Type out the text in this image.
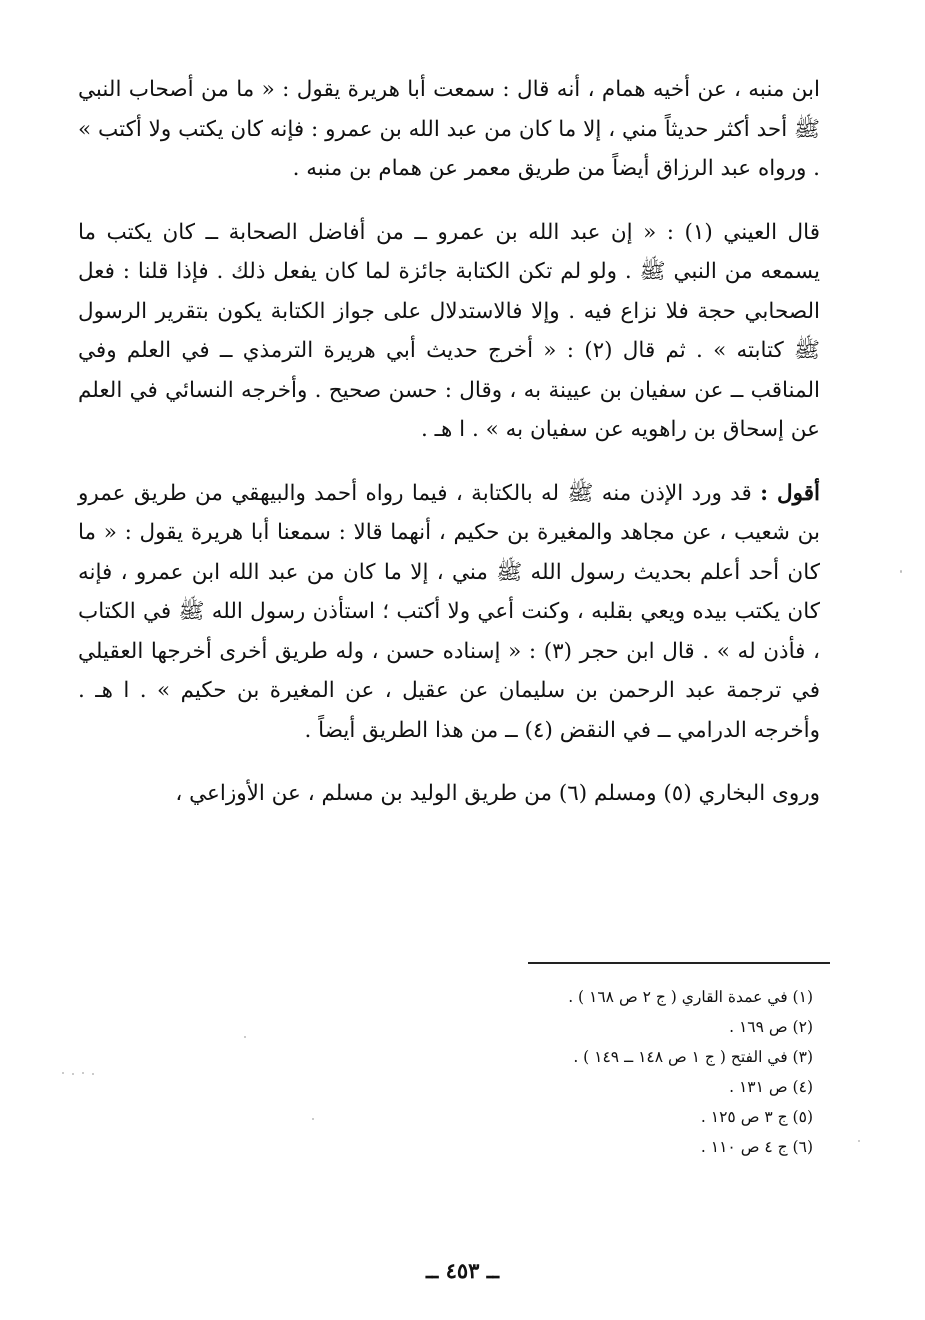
ابن منبه ، عن أخيه همام ، أنه قال : سمعت أبا هريرة يقول : « ما من أصحاب النبي ﷺ أحد أكثر حديثاً مني ، إلا ما كان من عبد الله بن عمرو : فإنه كان يكتب ولا أكتب » . ورواه عبد الرزاق أيضاً من طريق معمر عن همام بن منبه .

قال العيني (١) : « إن عبد الله بن عمرو ــ من أفاضل الصحابة ــ كان يكتب ما يسمعه من النبي ﷺ . ولو لم تكن الكتابة جائزة لما كان يفعل ذلك . فإذا قلنا : فعل الصحابي حجة فلا نزاع فيه . وإلا فالاستدلال على جواز الكتابة يكون بتقرير الرسول ﷺ كتابته » . ثم قال (٢) : « أخرج حديث أبي هريرة الترمذي ــ في العلم وفي المناقب ــ عن سفيان بن عيينة به ، وقال : حسن صحيح . وأخرجه النسائي في العلم عن إسحاق بن راهويه عن سفيان به » . ا هـ .

أقول : قد ورد الإذن منه ﷺ له بالكتابة ، فيما رواه أحمد والبيهقي من طريق عمرو بن شعيب ، عن مجاهد والمغيرة بن حكيم ، أنهما قالا : سمعنا أبا هريرة يقول : « ما كان أحد أعلم بحديث رسول الله ﷺ مني ، إلا ما كان من عبد الله ابن عمرو ، فإنه كان يكتب بيده ويعي بقلبه ، وكنت أعي ولا أكتب ؛ استأذن رسول الله ﷺ في الكتاب ، فأذن له » . قال ابن حجر (٣) : « إسناده حسن ، وله طريق أخرى أخرجها العقيلي في ترجمة عبد الرحمن بن سليمان عن عقيل ، عن المغيرة بن حكيم » . ا هـ . وأخرجه الدرامي ــ في النقض (٤) ــ من هذا الطريق أيضاً .

وروى البخاري (٥) ومسلم (٦) من طريق الوليد بن مسلم ، عن الأوزاعي ،

(١) في عمدة القاري ( ج ٢ ص ١٦٨ ) .
(٢) ص ١٦٩ .
(٣) في الفتح ( ج ١ ص ١٤٨ ــ ١٤٩ ) .
(٤) ص ١٣١ .
(٥) ج ٣ ص ١٢٥ .
(٦) ج ٤ ص ١١٠ .
ــ ٤٥٣ ــ
